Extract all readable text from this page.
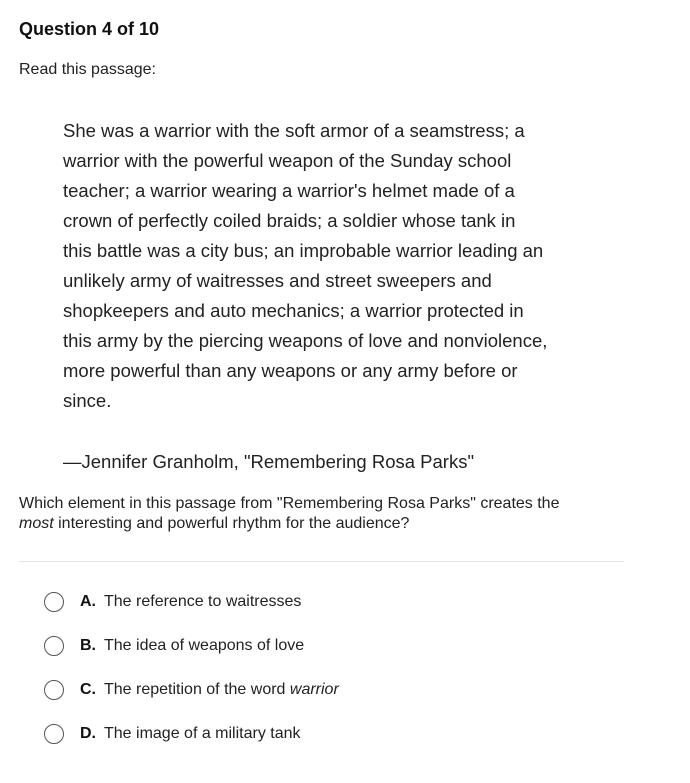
Question 4 of 10
Read this passage:
She was a warrior with the soft armor of a seamstress; a
warrior with the powerful weapon of the Sunday school
teacher; a warrior wearing a warrior's helmet made of a
crown of perfectly coiled braids; a soldier whose tank in
this battle was a city bus; an improbable warrior leading an
unlikely army of waitresses and street sweepers and
shopkeepers and auto mechanics; a warrior protected in
this army by the piercing weapons of love and nonviolence,
more powerful than any weapons or any army before or
since.
—Jennifer Granholm, "Remembering Rosa Parks"
Which element in this passage from "Remembering Rosa Parks" creates the
most interesting and powerful rhythm for the audience?
A. The reference to waitresses
B. The idea of weapons of love
C. The repetition of the word warrior
D. The image of a military tank
